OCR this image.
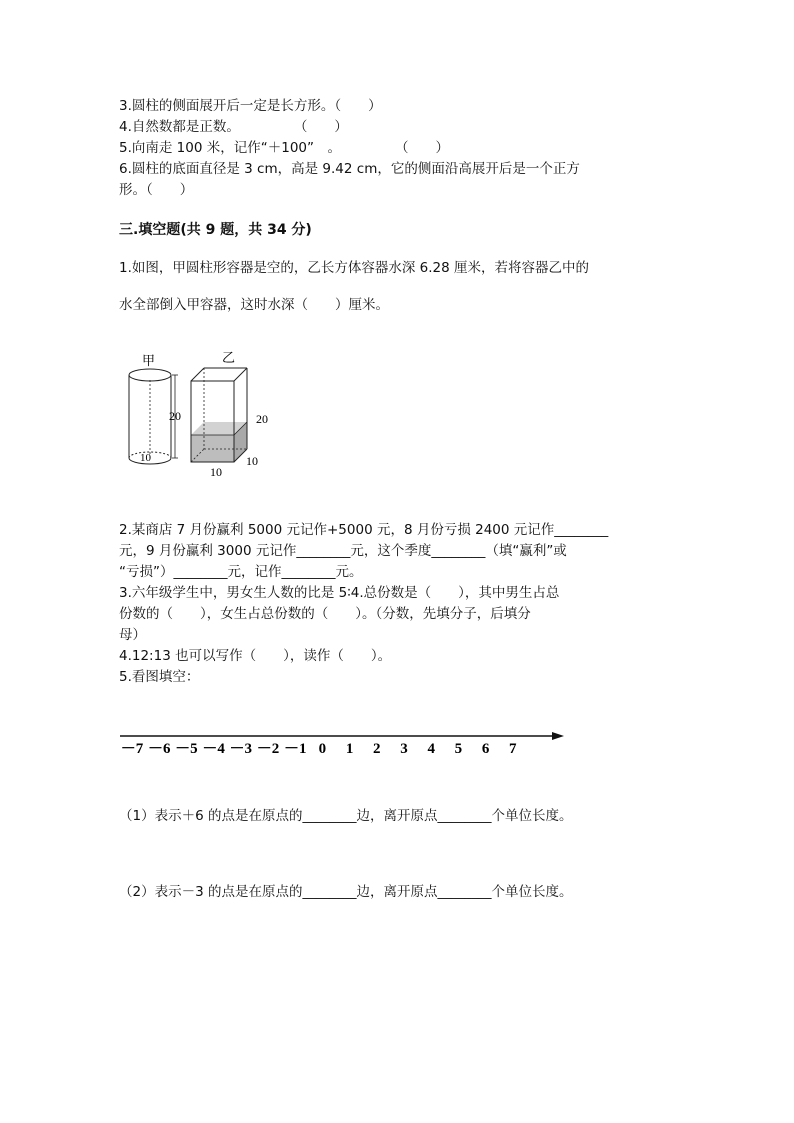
3.圆柱的侧面展开后一定是长方形。（　　）
4.自然数都是正数。　　　　　（　　）
5.向南走 100 米，记作“＋100”　。　　　　　（　　）
6.圆柱的底面直径是 3 cm，高是 9.42 cm，它的侧面沿高展开后是一个正方
形。（　　）
三.填空题(共 9 题，共 34 分)
1.如图，甲圆柱形容器是空的，乙长方体容器水深 6.28 厘米，若将容器乙中的
水全部倒入甲容器，这时水深（　　）厘米。
甲
20
10
乙
20
10
10
2.某商店 7 月份赢利 5000 元记作+5000 元，8 月份亏损 2400 元记作________
元，9 月份赢利 3000 元记作________元，这个季度________（填“赢利”或
“亏损”）________元，记作________元。
3.六年级学生中，男女生人数的比是 5∶4.总份数是（　　），其中男生占总
份数的（　　），女生占总份数的（　　）。（分数，先填分子，后填分
母）
4.12:13 也可以写作（　　），读作（　　）。
5.看图填空：
－7 －6 －5 －4 －3 －2 －1 0 1 2 3 4 5 6 7
（1）表示＋6 的点是在原点的________边，离开原点________个单位长度。
（2）表示－3 的点是在原点的________边，离开原点________个单位长度。
